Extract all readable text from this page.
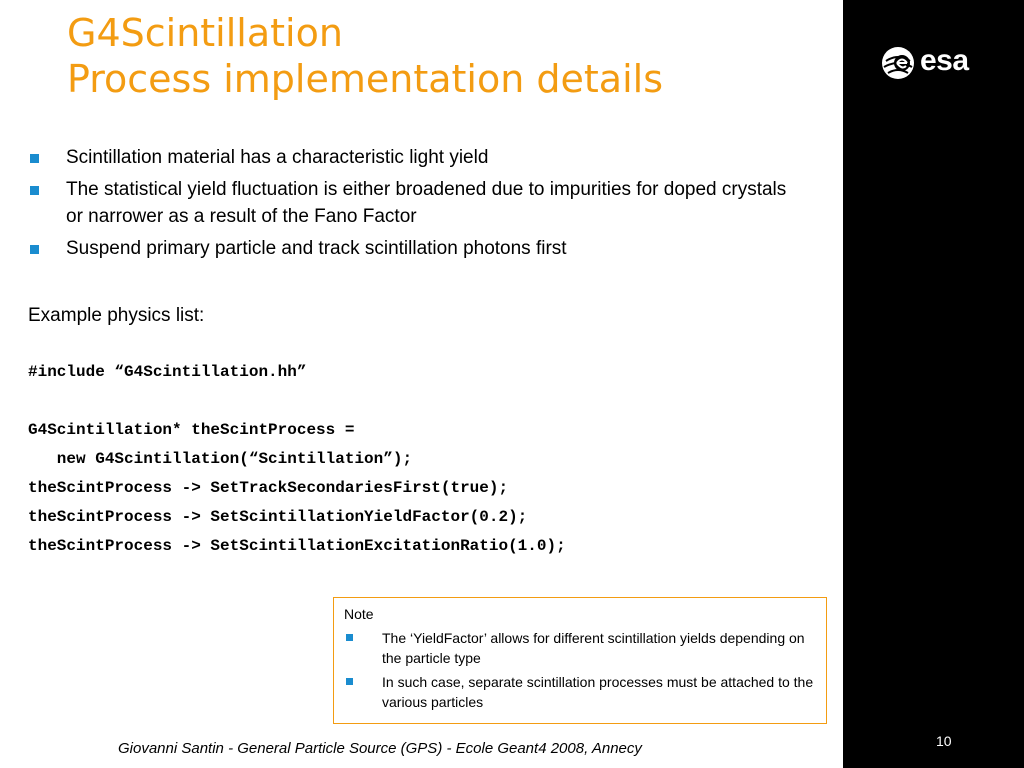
esa
G4Scintillation
Process implementation details
Scintillation material has a characteristic light yield
The statistical yield fluctuation is either broadened due to impurities for doped crystals or narrower as a result of the Fano Factor
Suspend primary particle and track scintillation photons first
Example physics list:
#include “G4Scintillation.hh”
G4Scintillation* theScintProcess =
new G4Scintillation(“Scintillation”);
theScintProcess -> SetTrackSecondariesFirst(true);
theScintProcess -> SetScintillationYieldFactor(0.2);
theScintProcess -> SetScintillationExcitationRatio(1.0);
Note
The ‘YieldFactor’ allows for different scintillation yields depending on the particle type
In such case, separate scintillation processes must be attached to the various particles
Giovanni Santin - General Particle Source (GPS) - Ecole Geant4 2008, Annecy	10
